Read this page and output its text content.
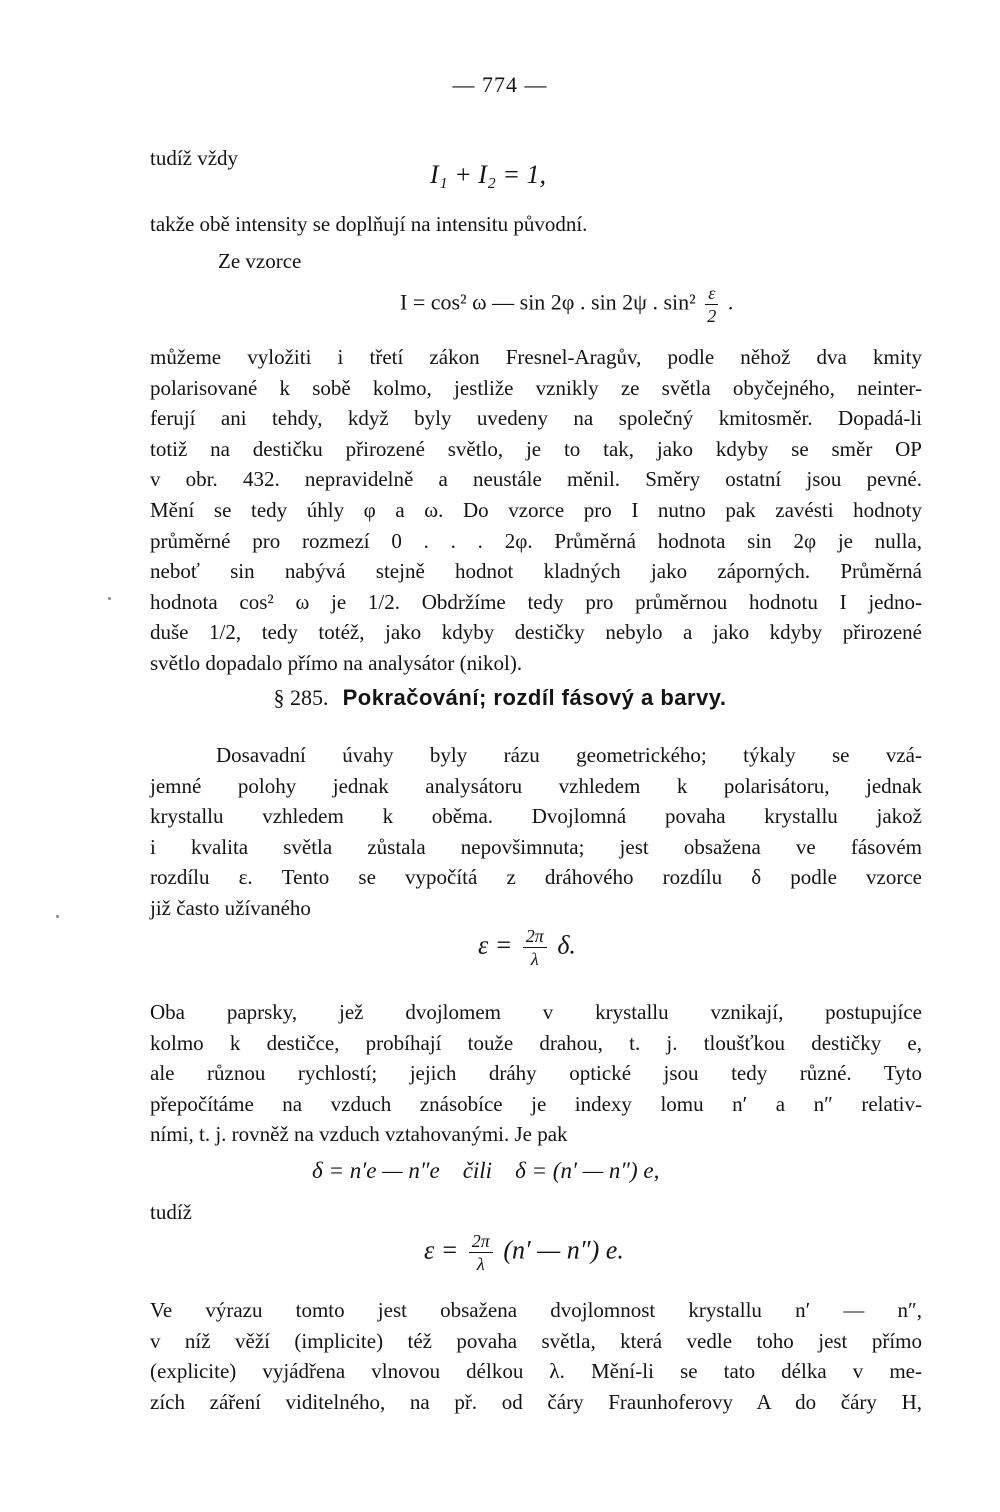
— 774 —
tudíž vždy
I₁ + I₂ = 1,
takže obě intensity se doplňují na intensitu původní.
Ze vzorce
I = cos² ω — sin 2φ . sin 2ψ . $\sin^2 \frac{\varepsilon}{2}$ .
můžeme vyložiti i třetí zákon Fresnel-Aragův, podle něhož dva kmity
polarisované k sobě kolmo, jestliže vznikly ze světla obyčejného, neinter-
ferují ani tehdy, když byly uvedeny na společný kmitosměr. Dopadá-li
totiž na destičku přirozené světlo, je to tak, jako kdyby se směr OP
v obr. 432. nepravidelně a neustále měnil. Směry ostatní jsou pevné.
Mění se tedy úhly φ a ω. Do vzorce pro I nutno pak zavésti hodnoty
průměrné pro rozmezí 0 . . . 2φ. Průměrná hodnota sin 2φ je nulla,
neboť sin nabývá stejně hodnot kladných jako záporných. Průměrná
hodnota cos² ω je 1/2. Obdržíme tedy pro průměrnou hodnotu I jedno-
duše 1/2, tedy totéž, jako kdyby destičky nebylo a jako kdyby přirozené
světlo dopadalo přímo na analysátor (nikol).
§ 285. Pokračování; rozdíl fásový a barvy.
Dosavadní úvahy byly rázu geometrického; týkaly se vzá-
jemné polohy jednak analysátoru vzhledem k polarisátoru, jednak
krystallu vzhledem k oběma. Dvojlomná povaha krystallu jakož
i kvalita světla zůstala nepovšimnuta; jest obsažena ve fásovém
rozdílu ε. Tento se vypočítá z dráhového rozdílu δ podle vzorce
již často užívaného
$\varepsilon = \frac{2\pi}{\lambda} \delta$.
Oba paprsky, jež dvojlomem v krystallu vznikají, postupujíce
kolmo k destičce, probíhají touže drahou, t. j. tloušťkou destičky e,
ale různou rychlostí; jejich dráhy optické jsou tedy různé. Tyto
přepočítáme na vzduch znásobíce je indexy lomu n′ a n″ relativ-
ními, t. j. rovněž na vzduch vztahovanými. Je pak
δ = n′e — n″e    čili    δ = (n′ — n″) e,
tudíž
$\varepsilon = \frac{2\pi}{\lambda} (n'$ — n″) e.
Ve výrazu tomto jest obsažena dvojlomnost krystallu n′ — n″,
v níž věží (implicite) též povaha světla, která vedle toho jest přímo
(explicite) vyjádřena vlnovou délkou λ. Mění-li se tato délka v me-
zích záření viditelného, na př. od čáry Fraunhoferovy A do čáry H,
